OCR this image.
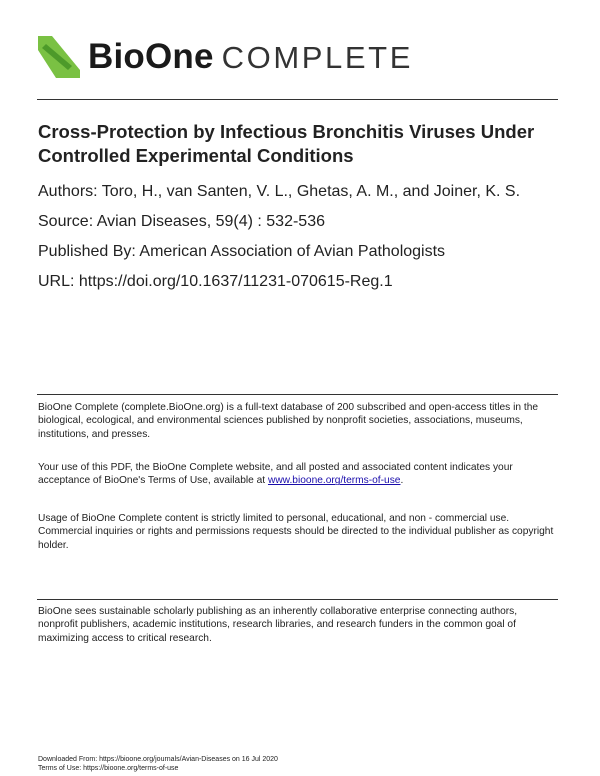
BioOne COMPLETE
Cross-Protection by Infectious Bronchitis Viruses Under Controlled Experimental Conditions
Authors: Toro, H., van Santen, V. L., Ghetas, A. M., and Joiner, K. S.
Source: Avian Diseases, 59(4) : 532-536
Published By: American Association of Avian Pathologists
URL: https://doi.org/10.1637/11231-070615-Reg.1

BioOne Complete (complete.BioOne.org) is a full-text database of 200 subscribed and open-access titles in the biological, ecological, and environmental sciences published by nonprofit societies, associations, museums, institutions, and presses.

Your use of this PDF, the BioOne Complete website, and all posted and associated content indicates your acceptance of BioOne's Terms of Use, available at www.bioone.org/terms-of-use.

Usage of BioOne Complete content is strictly limited to personal, educational, and non - commercial use. Commercial inquiries or rights and permissions requests should be directed to the individual publisher as copyright holder.

BioOne sees sustainable scholarly publishing as an inherently collaborative enterprise connecting authors, nonprofit publishers, academic institutions, research libraries, and research funders in the common goal of maximizing access to critical research.

Downloaded From: https://bioone.org/journals/Avian-Diseases on 16 Jul 2020
Terms of Use: https://bioone.org/terms-of-use
